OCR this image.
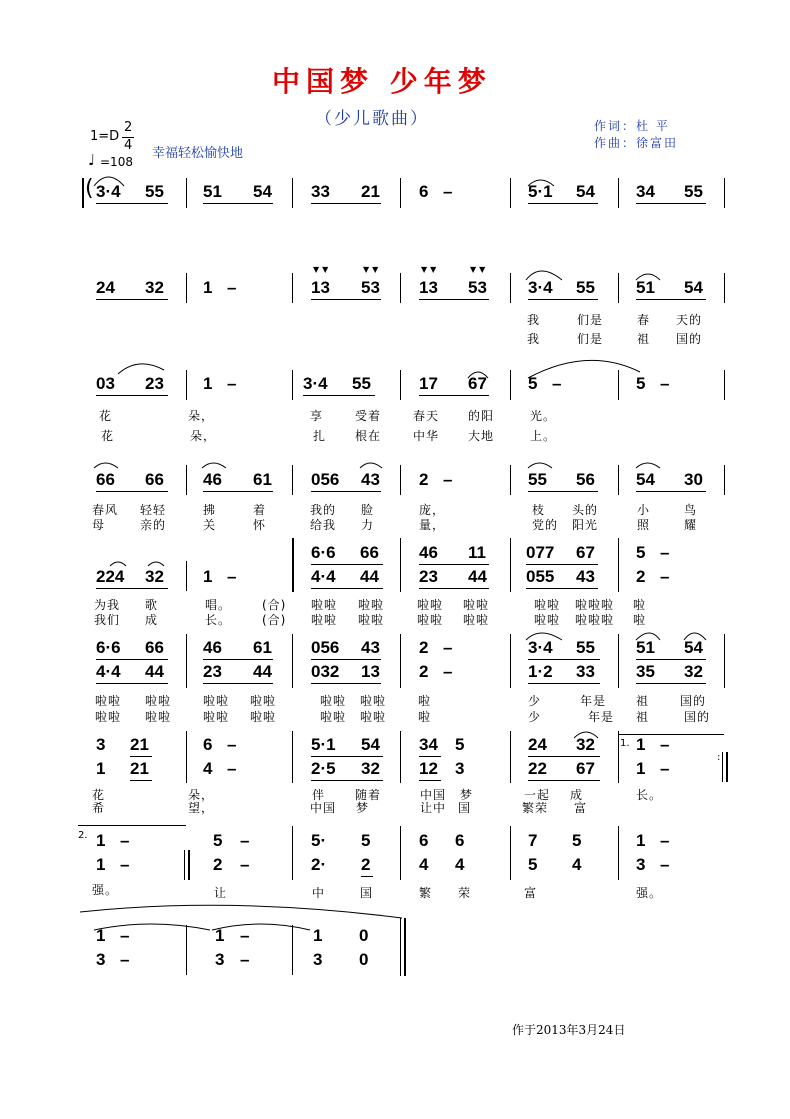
中国梦 少年梦
（少儿歌曲）	作词：杜 平
作曲：徐富田
1=D
2
4
♩ =108
幸福轻松愉快地
( 3·4 55 51 54 33 21 6 –	5·1 54 34 55
24 32 1 –	13 53 13 53 3·4 55 51 54
▼▼	▼▼	▼▼	▼▼
我	们是	春 天的
我	们是	祖 国的
03 23 1 –	3·4 55	17 67 5 –	5 –
花	朵，	享	受着	春天 的阳	光。
花	朵，	扎 根在	中华 大地	上。
66 66 46 61 056 43 2 –	55 56 54 30
春风 轻轻	拂	着	我的 脸	庞，	枝 头的	小	鸟
母	亲的	关	怀	给我 力	量，	党的 阳光	照	耀
224 32 1 –
6·6 66 46 11 077 67 5 –
4·4 44 23 44 055 43 2 –
为我 歌	唱。	(合) 啦啦 啦啦	啦啦 啦啦	啦啦 啦啦啦 啦
我们 成	长。	(合) 啦啦 啦啦	啦啦 啦啦	啦啦 啦啦啦 啦
6·6 66 46 61 056 43 2 –	3·4 55 51 54
4·4 44 23 44 032 13 2 –	1·2 33 35 32
啦啦 啦啦	啦啦 啦啦	啦啦 啦啦	啦	少	年是 祖	国的
啦啦 啦啦	啦啦 啦啦	啦啦 啦啦	啦	少	年是 祖	国的
:
1.
3 21	6 –	5·1 54 34 5	24 32 1 –
1 21	4 –	2·5 32 12 3	22 67 1 –
花	朵，	伴 随着	中国 梦	一起 成	长。
希	望，	中国 梦	让中 国	繁荣 富
2. 1 –	5 –	5· 5	6 6	7 5	1 –
1 –	2 –	2· 2	4 4	5 4	3 –
强。	让	中	国	繁 荣	富	强。
1 –	1 –	1 0
3 –	3 –	3 0
作于2013年3月24日
